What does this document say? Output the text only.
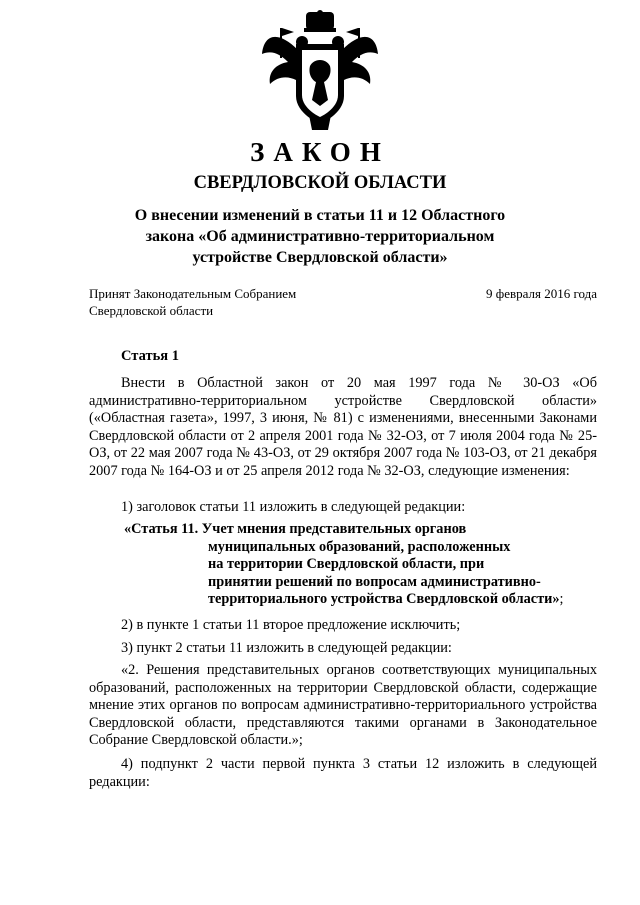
ЗАКОН
СВЕРДЛОВСКОЙ ОБЛАСТИ
О внесении изменений в статьи 11 и 12 Областного закона «Об административно-территориальном устройстве Свердловской области»
Принят Законодательным Собранием
Свердловской области
9 февраля 2016 года
Статья 1
Внести в Областной закон от 20 мая 1997 года № 30-ОЗ «Об административно-территориальном устройстве Свердловской области» («Областная газета», 1997, 3 июня, № 81) с изменениями, внесенными Законами Свердловской области от 2 апреля 2001 года № 32-ОЗ, от 7 июля 2004 года № 25-ОЗ, от 22 мая 2007 года № 43-ОЗ, от 29 октября 2007 года № 103-ОЗ, от 21 декабря 2007 года № 164-ОЗ и от 25 апреля 2012 года № 32-ОЗ, следующие изменения:
1) заголовок статьи 11 изложить в следующей редакции:
«Статья 11. Учет мнения представительных органов
муниципальных образований, расположенных
на территории Свердловской области, при
принятии решений по вопросам административно-
территориального устройства Свердловской области»;
2) в пункте 1 статьи 11 второе предложение исключить;
3) пункт 2 статьи 11 изложить в следующей редакции:
«2. Решения представительных органов соответствующих муниципальных образований, расположенных на территории Свердловской области, содержащие мнение этих органов по вопросам административно-территориального устройства Свердловской области, представляются такими органами в Законодательное Собрание Свердловской области.»;
4) подпункт 2 части первой пункта 3 статьи 12 изложить в следующей редакции:
